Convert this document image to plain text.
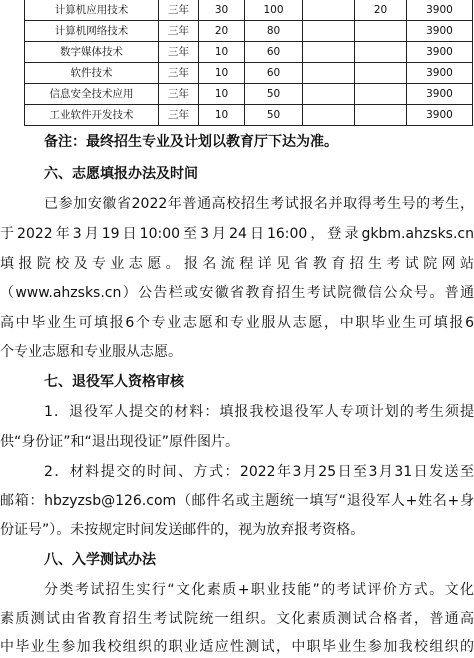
计算机应用技术	三年	30	100		20	3900
计算机网络技术	三年	20	80			3900
数字媒体技术	三年	10	60			3900
软件技术	三年	10	60			3900
信息安全技术应用	三年	10	50			3900
工业软件开发技术	三年	10	50			3900
备注：最终招生专业及计划以教育厅下达为准。
六、志愿填报办法及时间
已参加安徽省2022年普通高校招生考试报名并取得考生号的考生，
于2022年3月19日10:00至3月24日16:00，登录gkbm.ahzsks.cn
填报院校及专业志愿。报名流程详见省教育招生考试院网站
（www.ahzsks.cn）公告栏或安徽省教育招生考试院微信公众号。普通
高中毕业生可填报6个专业志愿和专业服从志愿，中职毕业生可填报6
个专业志愿和专业服从志愿。
七、退役军人资格审核
1．退役军人提交的材料：填报我校退役军人专项计划的考生须提
供“身份证”和“退出现役证”原件图片。
2．材料提交的时间、方式：2022年3月25日至3月31日发送至
邮箱：hbzyzsb@126.com（邮件名或主题统一填写“退役军人+姓名+身
份证号”）。未按规定时间发送邮件的，视为放弃报考资格。
八、入学测试办法
分类考试招生实行“文化素质+职业技能”的考试评价方式。文化
素质测试由省教育招生考试院统一组织。文化素质测试合格者，普通高
中毕业生参加我校组织的职业适应性测试，中职毕业生参加我校组织的
